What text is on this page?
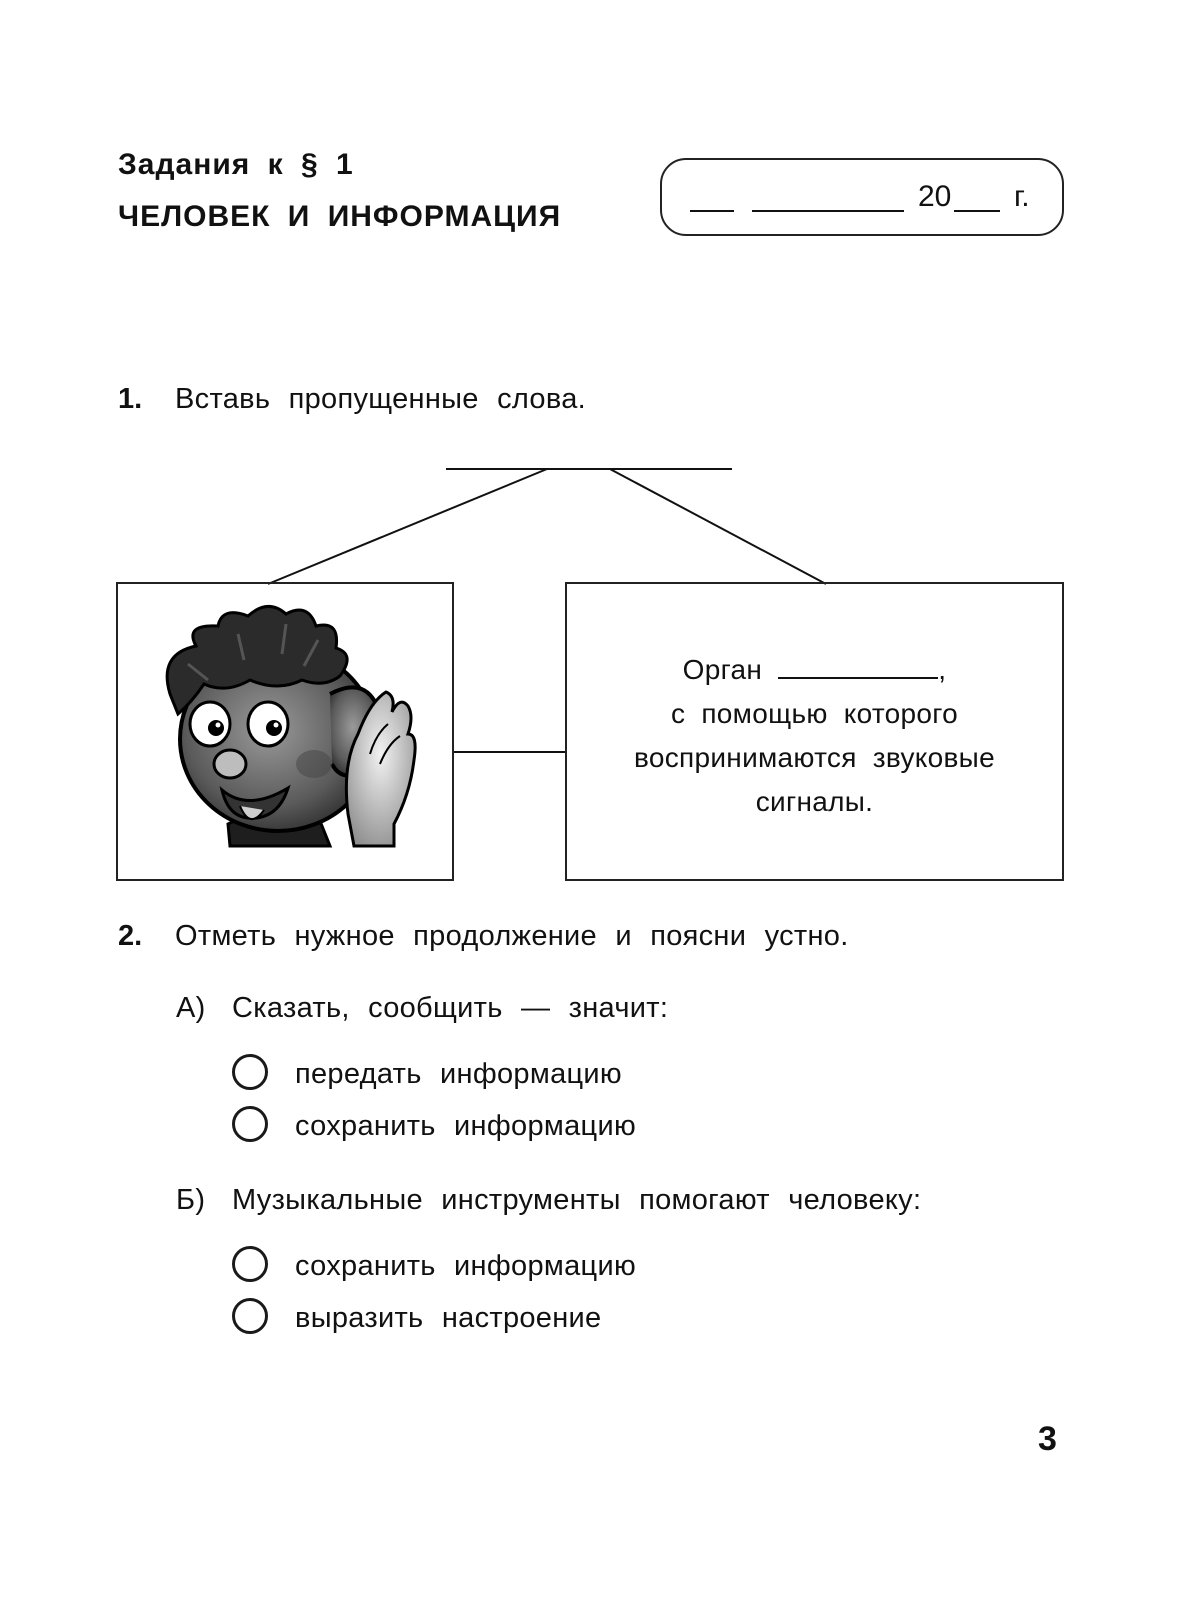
Задания к § 1
ЧЕЛОВЕК И ИНФОРМАЦИЯ
20 г.
1. Вставь пропущенные слова.
Орган	,
с помощью которого
воспринимаются звуковые
сигналы.
2. Отметь нужное продолжение и поясни устно.
А) Сказать, сообщить — значит:
передать информацию
сохранить информацию
Б) Музыкальные инструменты помогают человеку:
сохранить информацию
выразить настроение
3
